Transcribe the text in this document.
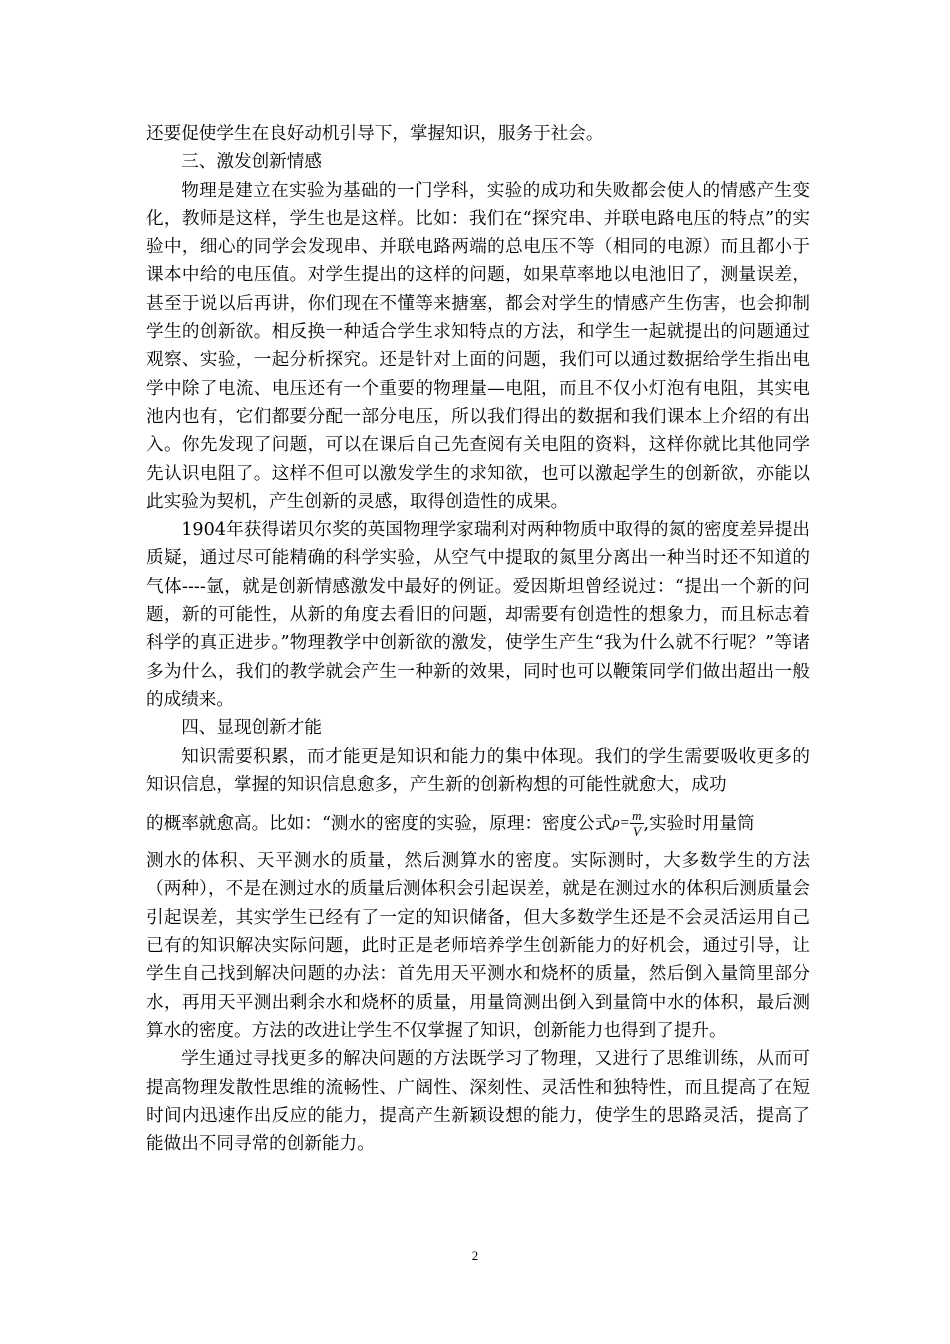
还要促使学生在良好动机引导下，掌握知识，服务于社会。

三、激发创新情感

物理是建立在实验为基础的一门学科，实验的成功和失败都会使人的情感产生变化，教师是这样，学生也是这样。比如：我们在“探究串、并联电路电压的特点”的实验中，细心的同学会发现串、并联电路两端的总电压不等（相同的电源）而且都小于课本中给的电压值。对学生提出的这样的问题，如果草率地以电池旧了，测量误差，甚至于说以后再讲，你们现在不懂等来搪塞，都会对学生的情感产生伤害，也会抑制学生的创新欲。相反换一种适合学生求知特点的方法，和学生一起就提出的问题通过观察、实验，一起分析探究。还是针对上面的问题，我们可以通过数据给学生指出电学中除了电流、电压还有一个重要的物理量—电阻，而且不仅小灯泡有电阻，其实电池内也有，它们都要分配一部分电压，所以我们得出的数据和我们课本上介绍的有出入。你先发现了问题，可以在课后自己先查阅有关电阻的资料，这样你就比其他同学先认识电阻了。这样不但可以激发学生的求知欲，也可以激起学生的创新欲，亦能以此实验为契机，产生创新的灵感，取得创造性的成果。

1904年获得诺贝尔奖的英国物理学家瑞利对两种物质中取得的氮的密度差异提出质疑，通过尽可能精确的科学实验，从空气中提取的氮里分离出一种当时还不知道的气体----氩，就是创新情感激发中最好的例证。爱因斯坦曾经说过：“提出一个新的问题，新的可能性，从新的角度去看旧的问题，却需要有创造性的想象力，而且标志着科学的真正进步。”物理教学中创新欲的激发，使学生产生“我为什么就不行呢？”等诸多为什么，我们的教学就会产生一种新的效果，同时也可以鞭策同学们做出超出一般的成绩来。

四、显现创新才能

知识需要积累，而才能更是知识和能力的集中体现。我们的学生需要吸收更多的知识信息，掌握的知识信息愈多，产生新的创新构想的可能性就愈大，成功

的概率就愈高。比如：“测水的密度的实验，原理：密度公式$\rho= \frac{m}{V}$ ,实验时用量筒

测水的体积、天平测水的质量，然后测算水的密度。实际测时，大多数学生的方法（两种），不是在测过水的质量后测体积会引起误差，就是在测过水的体积后测质量会引起误差，其实学生已经有了一定的知识储备，但大多数学生还是不会灵活运用自己已有的知识解决实际问题，此时正是老师培养学生创新能力的好机会，通过引导，让学生自己找到解决问题的办法：首先用天平测水和烧杯的质量，然后倒入量筒里部分水，再用天平测出剩余水和烧杯的质量，用量筒测出倒入到量筒中水的体积，最后测算水的密度。方法的改进让学生不仅掌握了知识，创新能力也得到了提升。

学生通过寻找更多的解决问题的方法既学习了物理，又进行了思维训练，从而可提高物理发散性思维的流畅性、广阔性、深刻性、灵活性和独特性，而且提高了在短时间内迅速作出反应的能力，提高产生新颖设想的能力，使学生的思路灵活，提高了能做出不同寻常的创新能力。

2
